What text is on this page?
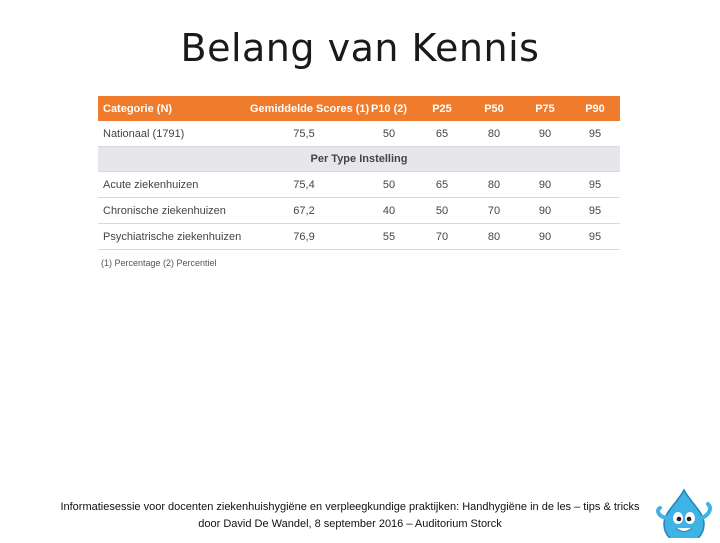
Belang van Kennis
Categorie (N)	Gemiddelde Scores (1)	P10 (2)	P25	P50	P75	P90
Nationaal (1791)	75,5	50	65	80	90	95
Per Type Instelling						
Acute ziekenhuizen	75,4	50	65	80	90	95
Chronische ziekenhuizen	67,2	40	50	70	90	95
Psychiatrische ziekenhuizen	76,9	55	70	80	90	95
(1) Percentage (2) Percentiel
Informatiesessie voor docenten ziekenhuishygiëne en verpleegkundige praktijken: Handhygiëne in de les – tips & tricks
door David De Wandel, 8 september 2016 – Auditorium Storck
